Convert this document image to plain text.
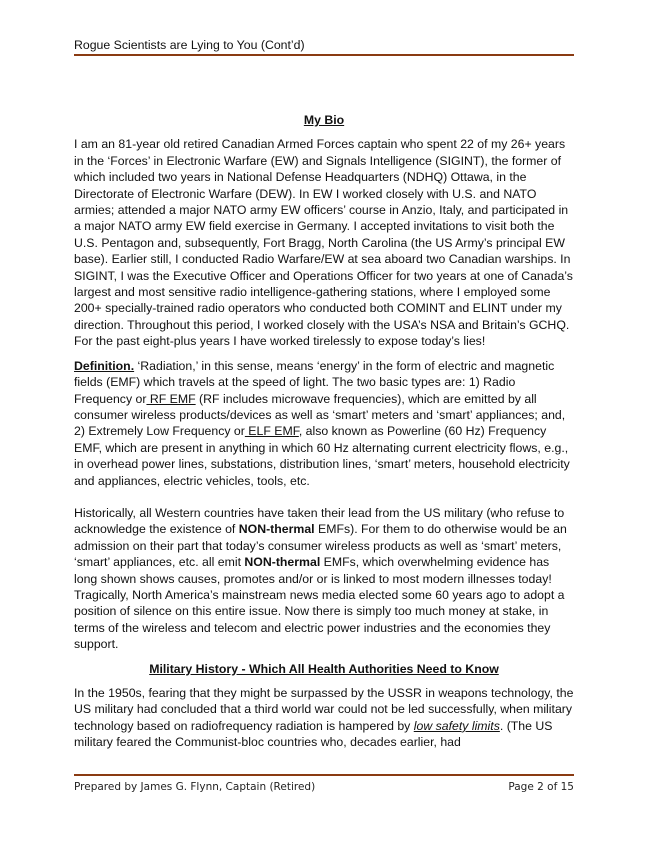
Rogue Scientists are Lying to You (Cont’d)

My Bio

I am an 81-year old retired Canadian Armed Forces captain who spent 22 of my 26+ years in the ‘Forces’ in Electronic Warfare (EW) and Signals Intelligence (SIGINT), the former of which included two years in National Defense Headquarters (NDHQ) Ottawa, in the Directorate of Electronic Warfare (DEW). In EW I worked closely with U.S. and NATO armies; attended a major NATO army EW officers’ course in Anzio, Italy, and participated in a major NATO army EW field exercise in Germany. I accepted invitations to visit both the U.S. Pentagon and, subsequently, Fort Bragg, North Carolina (the US Army’s principal EW base). Earlier still, I conducted Radio Warfare/EW at sea aboard two Canadian warships. In SIGINT, I was the Executive Officer and Operations Officer for two years at one of Canada’s largest and most sensitive radio intelligence-gathering stations, where I employed some 200+ specially-trained radio operators who conducted both COMINT and ELINT under my direction. Throughout this period, I worked closely with the USA’s NSA and Britain’s GCHQ. For the past eight-plus years I have worked tirelessly to expose today’s lies!

Definition. ‘Radiation,’ in this sense, means ‘energy’ in the form of electric and magnetic fields (EMF) which travels at the speed of light. The two basic types are: 1) Radio Frequency or RF EMF (RF includes microwave frequencies), which are emitted by all consumer wireless products/devices as well as ‘smart’ meters and ‘smart’ appliances; and, 2) Extremely Low Frequency or ELF EMF, also known as Powerline (60 Hz) Frequency EMF, which are present in anything in which 60 Hz alternating current electricity flows, e.g., in overhead power lines, substations, distribution lines, ‘smart’ meters, household electricity and appliances, electric vehicles, tools, etc.

Historically, all Western countries have taken their lead from the US military (who refuse to acknowledge the existence of NON-thermal EMFs). For them to do otherwise would be an admission on their part that today’s consumer wireless products as well as ‘smart’ meters, ‘smart’ appliances, etc. all emit NON-thermal EMFs, which overwhelming evidence has long shown shows causes, promotes and/or or is linked to most modern illnesses today! Tragically, North America’s mainstream news media elected some 60 years ago to adopt a position of silence on this entire issue. Now there is simply too much money at stake, in terms of the wireless and telecom and electric power industries and the economies they support.

Military History - Which All Health Authorities Need to Know

In the 1950s, fearing that they might be surpassed by the USSR in weapons technology, the US military had concluded that a third world war could not be led successfully, when military technology based on radiofrequency radiation is hampered by low safety limits. (The US military feared the Communist-bloc countries who, decades earlier, had

Prepared by James G. Flynn, Captain (Retired)	Page 2 of 15
